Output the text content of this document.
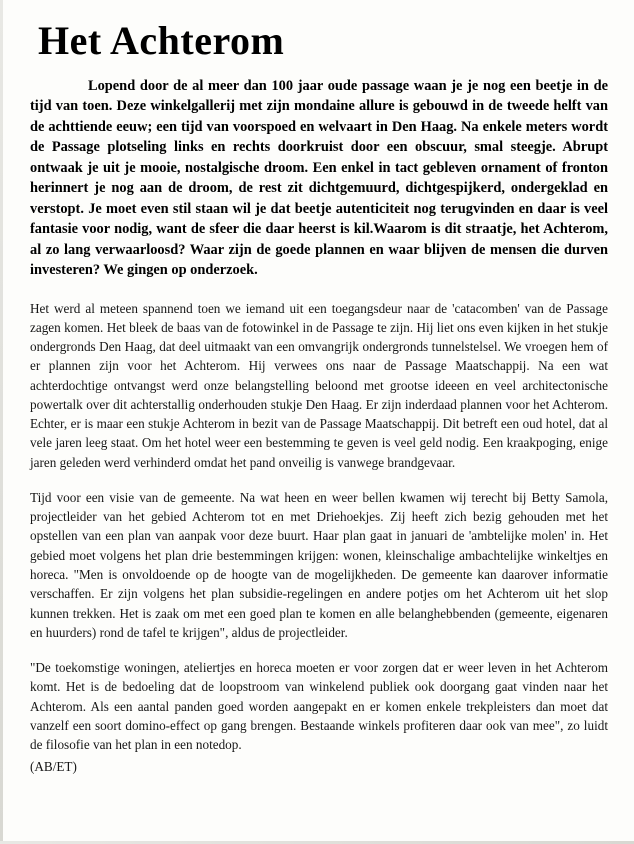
Het Achterom

Lopend door de al meer dan 100 jaar oude passage waan je je nog een beetje in de tijd van toen. Deze winkelgallerij met zijn mondaine allure is gebouwd in de tweede helft van de achttiende eeuw; een tijd van voorspoed en welvaart in Den Haag. Na enkele meters wordt de Passage plotseling links en rechts doorkruist door een obscuur, smal steegje. Abrupt ontwaak je uit je mooie, nostalgische droom. Een enkel in tact gebleven ornament of fronton herinnert je nog aan de droom, de rest zit dichtgemuurd, dichtgespijkerd, ondergeklad en verstopt. Je moet even stil staan wil je dat beetje autenticiteit nog terugvinden en daar is veel fantasie voor nodig, want de sfeer die daar heerst is kil.Waarom is dit straatje, het Achterom, al zo lang verwaarloosd? Waar zijn de goede plannen en waar blijven de mensen die durven investeren? We gingen op onderzoek.

Het werd al meteen spannend toen we iemand uit een toegangsdeur naar de 'catacomben' van de Passage zagen komen. Het bleek de baas van de fotowinkel in de Passage te zijn. Hij liet ons even kijken in het stukje ondergronds Den Haag, dat deel uitmaakt van een omvangrijk ondergronds tunnelstelsel. We vroegen hem of er plannen zijn voor het Achterom. Hij verwees ons naar de Passage Maatschappij. Na een wat achterdochtige ontvangst werd onze belangstelling beloond met grootse ideeen en veel architectonische powertalk over dit achterstallig onderhouden stukje Den Haag. Er zijn inderdaad plannen voor het Achterom. Echter, er is maar een stukje Achterom in bezit van de Passage Maatschappij. Dit betreft een oud hotel, dat al vele jaren leeg staat. Om het hotel weer een bestemming te geven is veel geld nodig. Een kraakpoging, enige jaren geleden werd verhinderd omdat het pand onveilig is vanwege brandgevaar.

Tijd voor een visie van de gemeente. Na wat heen en weer bellen kwamen wij terecht bij Betty Samola, projectleider van het gebied Achterom tot en met Driehoekjes. Zij heeft zich bezig gehouden met het opstellen van een plan van aanpak voor deze buurt. Haar plan gaat in januari de 'ambtelijke molen' in. Het gebied moet volgens het plan drie bestemmingen krijgen: wonen, kleinschalige ambachtelijke winkeltjes en horeca. "Men is onvoldoende op de hoogte van de mogelijkheden. De gemeente kan daarover informatie verschaffen. Er zijn volgens het plan subsidie-regelingen en andere potjes om het Achterom uit het slop kunnen trekken. Het is zaak om met een goed plan te komen en alle belanghebbenden (gemeente, eigenaren en huurders) rond de tafel te krijgen", aldus de projectleider.

"De toekomstige woningen, ateliertjes en horeca moeten er voor zorgen dat er weer leven in het Achterom komt. Het is de bedoeling dat de loopstroom van winkelend publiek ook doorgang gaat vinden naar het Achterom. Als een aantal panden goed worden aangepakt en er komen enkele trekpleisters dan moet dat vanzelf een soort domino-effect op gang brengen. Bestaande winkels profiteren daar ook van mee", zo luidt de filosofie van het plan in een notedop.

(AB/ET)
